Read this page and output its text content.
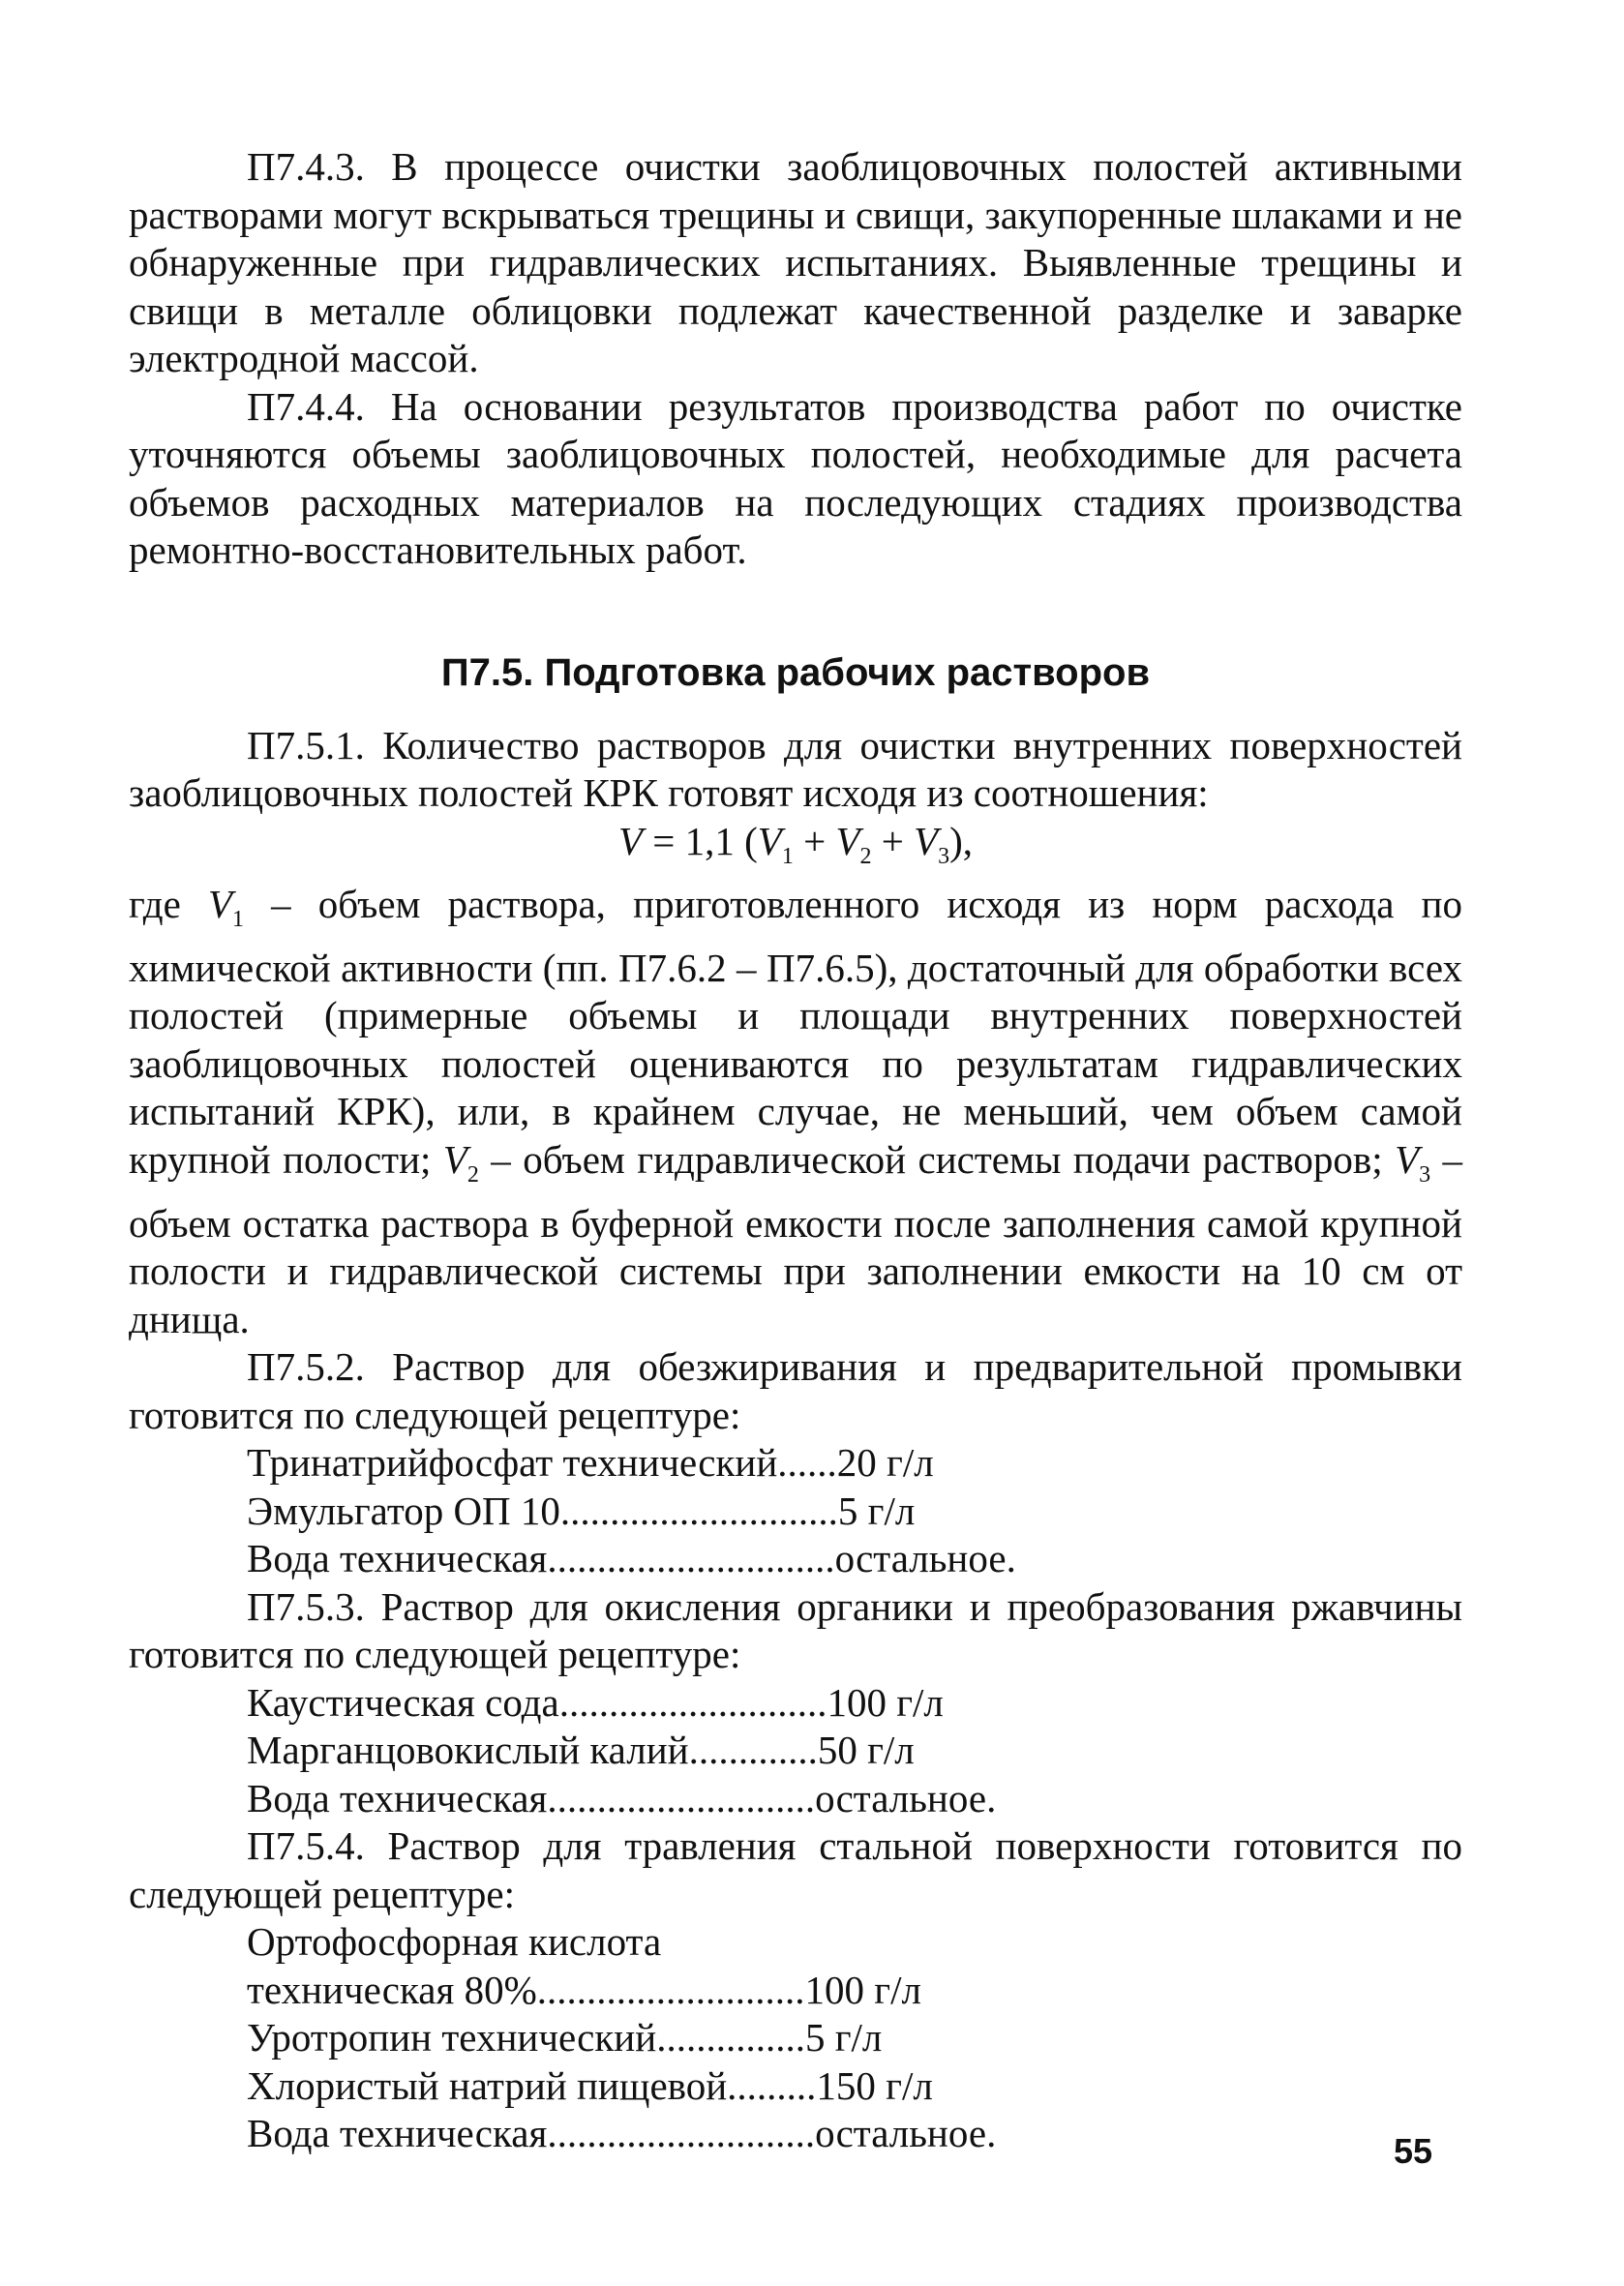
П7.4.3. В процессе очистки заоблицовочных полостей активными растворами могут вскрываться трещины и свищи, закупоренные шлаками и не обнаруженные при гидравлических испытаниях. Выявленные трещины и свищи в металле облицовки подлежат качественной разделке и заварке электродной массой.

П7.4.4. На основании результатов производства работ по очистке уточняются объемы заоблицовочных полостей, необходимые для расчета объемов расходных материалов на последующих стадиях производства ремонтно-восстановительных работ.

П7.5. Подготовка рабочих растворов

П7.5.1. Количество растворов для очистки внутренних поверхностей заоблицовочных полостей КРК готовят исходя из соотношения:

V = 1,1 $(V_1 + V_2 + V_3)$,

где $V_1$ – объем раствора, приготовленного исходя из норм расхода по химической активности (пп. П7.6.2 – П7.6.5), достаточный для обработки всех полостей (примерные объемы и площади внутренних поверхностей заоблицовочных полостей оцениваются по результатам гидравлических испытаний КРК), или, в крайнем случае, не меньший, чем объем самой крупной полости; $V_2$ – объем гидравлической системы подачи растворов; $V_3$ – объем остатка раствора в буферной емкости после заполнения самой крупной полости и гидравлической системы при заполнении емкости на 10 см от днища.

П7.5.2. Раствор для обезжиривания и предварительной промывки готовится по следующей рецептуре:

Тринатрийфосфат технический ...... 20 г/л
Эмульгатор ОП 10 ............................ 5 г/л
Вода техническая ............................. остальное.

П7.5.3. Раствор для окисления органики и преобразования ржавчины готовится по следующей рецептуре:

Каустическая сода ........................... 100 г/л
Марганцовокислый калий ............. 50 г/л
Вода техническая ........................... остальное.

П7.5.4. Раствор для травления стальной поверхности готовится по следующей рецептуре:

Ортофосфорная кислота
техническая 80% ........................... 100 г/л
Уротропин технический ............... 5 г/л
Хлористый натрий пищевой ......... 150 г/л
Вода техническая ........................... остальное.	55
